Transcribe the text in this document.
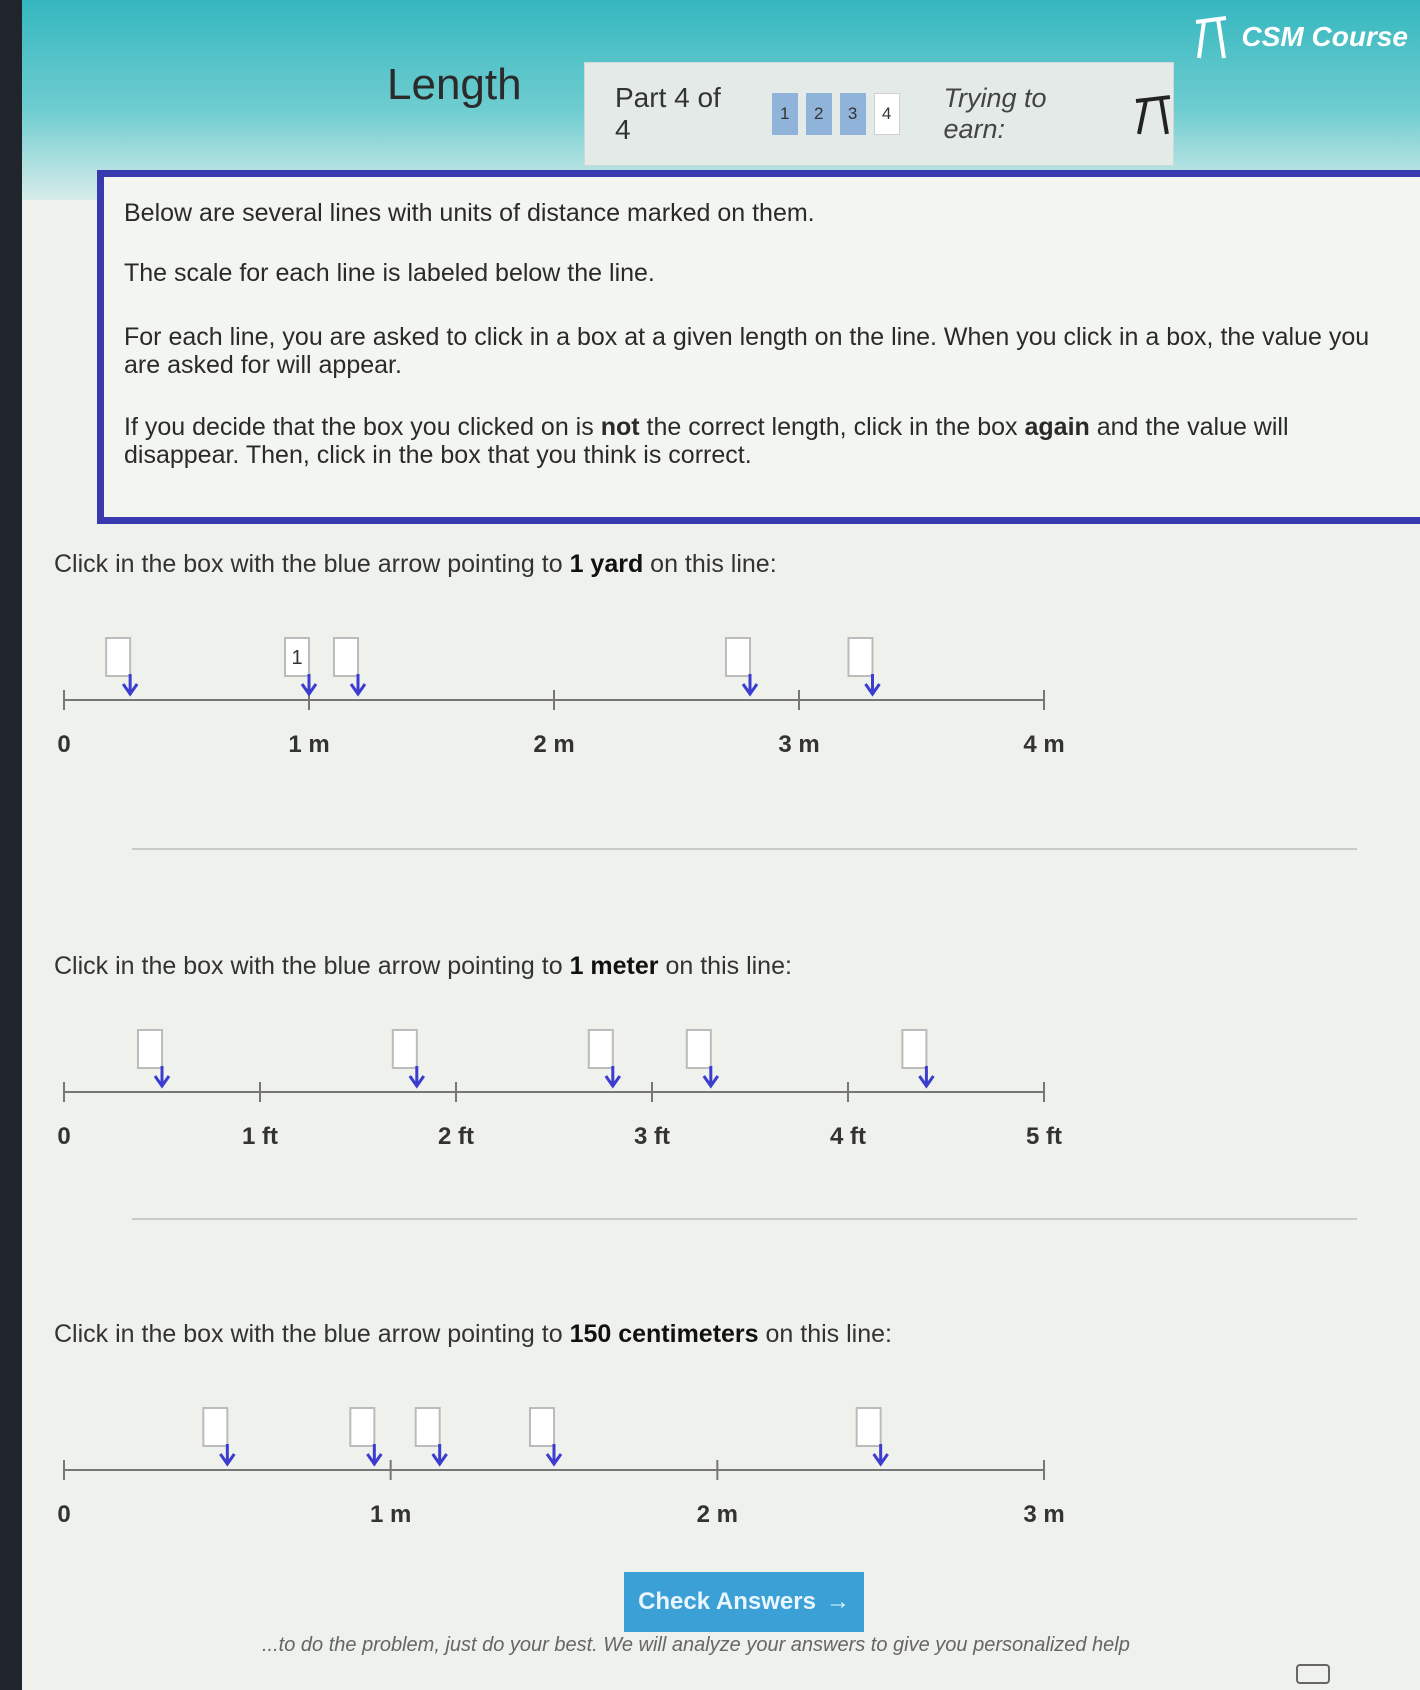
CSM Course
Length	Part 4 of 4
1	2	3	4
Trying to earn:

Below are several lines with units of distance marked on them.

The scale for each line is labeled below the line.

For each line, you are asked to click in a box at a given length on the line. When you click in a box, the value you are asked for will appear.

If you decide that the box you clicked on is not the correct length, click in the box again and the value will disappear. Then, click in the box that you think is correct.

Click in the box with the blue arrow pointing to 1 yard on this line:
0	1 m	2 m	3 m	4 m
1
Click in the box with the blue arrow pointing to 1 meter on this line:
0	1 ft	2 ft	3 ft	4 ft	5 ft
Click in the box with the blue arrow pointing to 150 centimeters on this line:
0	1 m	2 m	3 m
Check Answers →
...to do the problem, just do your best. We will analyze your answers to give you personalized help
